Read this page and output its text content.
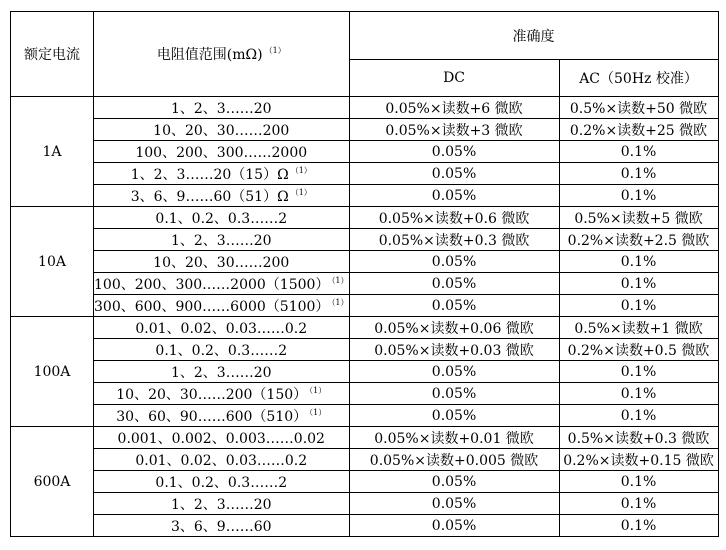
额定电流	电阻值范围(mΩ) $^{(1)}$	准确度	
		DC	AC（50Hz 校准）
1A	1、2、3……20	0.05%×读数+6 微欧	0.5%×读数+50 微欧
	10、20、30……200	0.05%×读数+3 微欧	0.2%×读数+25 微欧
	100、200、300……2000	0.05%	0.1%
	1、2、3……20（15）Ω $^{(1)}$	0.05%	0.1%
	3、6、9……60（51）Ω $^{(1)}$	0.05%	0.1%
10A	0.1、0.2、0.3……2	0.05%×读数+0.6 微欧	0.5%×读数+5 微欧
	1、2、3……20	0.05%×读数+0.3 微欧	0.2%×读数+2.5 微欧
	10、20、30……200	0.05%	0.1%
	100、200、300……2000（1500） $^{(1)}$	0.05%	0.1%
	300、600、900……6000（5100） $^{(1)}$	0.05%	0.1%
100A	0.01、0.02、0.03……0.2	0.05%×读数+0.06 微欧	0.5%×读数+1 微欧
	0.1、0.2、0.3……2	0.05%×读数+0.03 微欧	0.2%×读数+0.5 微欧
	1、2、3……20	0.05%	0.1%
	10、20、30……200（150） $^{(1)}$	0.05%	0.1%
	30、60、90……600（510） $^{(1)}$	0.05%	0.1%
600A	0.001、0.002、0.003……0.02	0.05%×读数+0.01 微欧	0.5%×读数+0.3 微欧
	0.01、0.02、0.03……0.2	0.05%×读数+0.005 微欧	0.2%×读数+0.15 微欧
	0.1、0.2、0.3……2	0.05%	0.1%
	1、2、3……20	0.05%	0.1%
	3、6、9……60	0.05%	0.1%
